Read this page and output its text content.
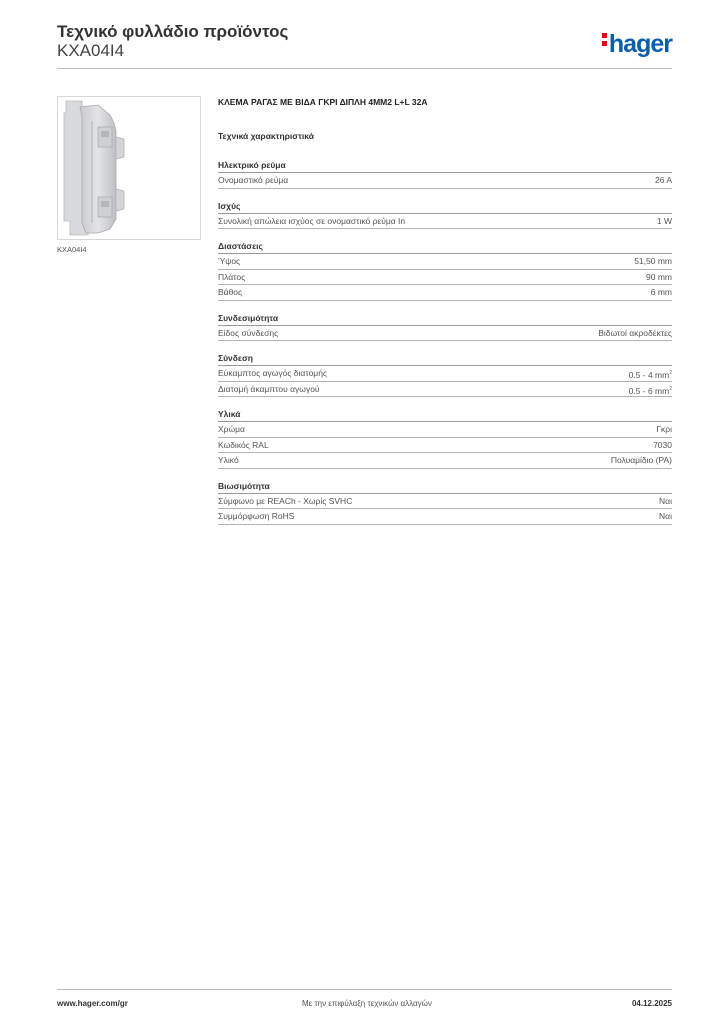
Τεχνικό φυλλάδιο προϊόντος
KXA04I4	hager
KXA04I4
ΚΛΕΜΑ ΡΑΓΑΣ ΜΕ ΒΙΔΑ ΓΚΡΙ ΔΙΠΛΗ 4ΜΜ2 L+L 32A
Τεχνικά χαρακτηριστικά
Ηλεκτρικό ρεύμα
Ονομαστικό ρεύμα	26 A
Ισχύς
Συνολική απώλεια ισχύος σε ονομαστικό ρεύμα In	1 W
Διαστάσεις
Ύψος	51,50 mm
Πλάτος	90 mm
Βάθος	6 mm
Συνδεσιμότητα
Είδος σύνδεσης	Βιδωτοί ακροδέκτες
Σύνδεση
Εύκαμπτος αγωγός διατομής	0.5 - 4 $mm^2$
Διατομή άκαμπτου αγωγού	0.5 - 6 $mm^2$
Υλικά
Χρώμα	Γκρι
Κωδικός RAL	7030
Υλικό	Πολυαμίδιο (PA)
Βιωσιμότητα
Σύμφωνο με REACh - Χωρίς SVHC	Ναι
Συμμόρφωση RoHS	Ναι
www.hager.com/gr	Με την επιφύλαξη τεχνικών αλλαγών	04.12.2025
